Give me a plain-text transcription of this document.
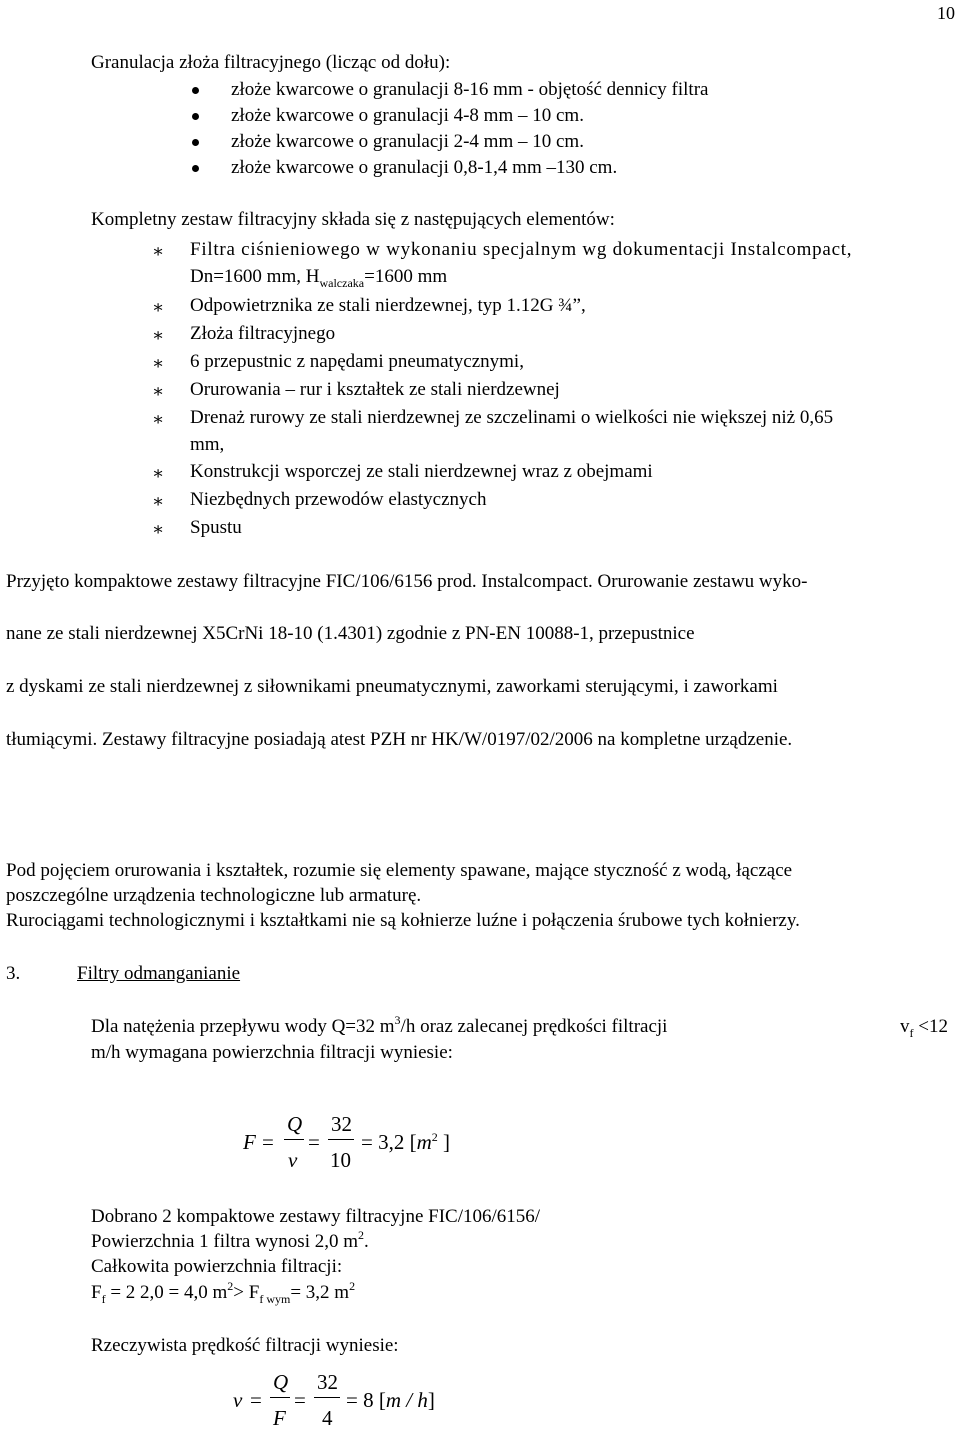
10
Granulacja złoża filtracyjnego (licząc od dołu):
złoże kwarcowe o granulacji 8-16 mm - objętość dennicy filtra
złoże kwarcowe o granulacji 4-8 mm – 10 cm.
złoże kwarcowe o granulacji 2-4 mm – 10 cm.
złoże kwarcowe o granulacji 0,8-1,4 mm –130 cm.
Kompletny zestaw filtracyjny składa się z następujących elementów:
∗ Filtra ciśnieniowego w wykonaniu specjalnym wg dokumentacji Instalcompact,
Dn=1600 mm, $H_{walczaka}=1600$ mm
∗ Odpowietrznika ze stali nierdzewnej, typ 1.12G ¾”,
∗ Złoża filtracyjnego
∗ 6 przepustnic z napędami pneumatycznymi,
∗ Orurowania – rur i kształtek ze stali nierdzewnej
∗ Drenaż rurowy ze stali nierdzewnej ze szczelinami o wielkości nie większej niż 0,65
mm,
∗ Konstrukcji wsporczej ze stali nierdzewnej wraz z obejmami
∗ Niezbędnych przewodów elastycznych
∗ Spustu
Przyjęto kompaktowe zestawy filtracyjne FIC/106/6156 prod. Instalcompact. Orurowanie zestawu wyko-
nane ze stali nierdzewnej X5CrNi 18-10 (1.4301) zgodnie z PN-EN 10088-1, przepustnice
z dyskami ze stali nierdzewnej z siłownikami pneumatycznymi, zaworkami sterującymi, i zaworkami
tłumiącymi. Zestawy filtracyjne posiadają atest PZH nr HK/W/0197/02/2006 na kompletne urządzenie.
Pod pojęciem orurowania i kształtek, rozumie się elementy spawane, mające styczność z wodą, łączące
poszczególne urządzenia technologiczne lub armaturę.
Rurociągami technologicznymi i kształtkami nie są kołnierze luźne i połączenia śrubowe tych kołnierzy.
3.	Filtry odmanganianie
Dla natężenia przepływu wody Q=32 $m^3/h$ oraz zalecanej prędkości filtracji	$v_f <12$
m/h wymagana powierzchnia filtracji wyniesie:
F =
Q
v
=
32
10
= 3,2 [$m^2$ ]
Dobrano 2 kompaktowe zestawy filtracyjne FIC/106/6156/
Powierzchnia 1 filtra wynosi 2,0 $m^2$.
Całkowita powierzchnia filtracji:
$F_f = 2$ 2,0 = 4,0 $m^2> F_{f wym}= 3,2$ $m^2$
Rzeczywista prędkość filtracji wyniesie:
v =
Q
F
=
32
4
= 8 [m / h]
